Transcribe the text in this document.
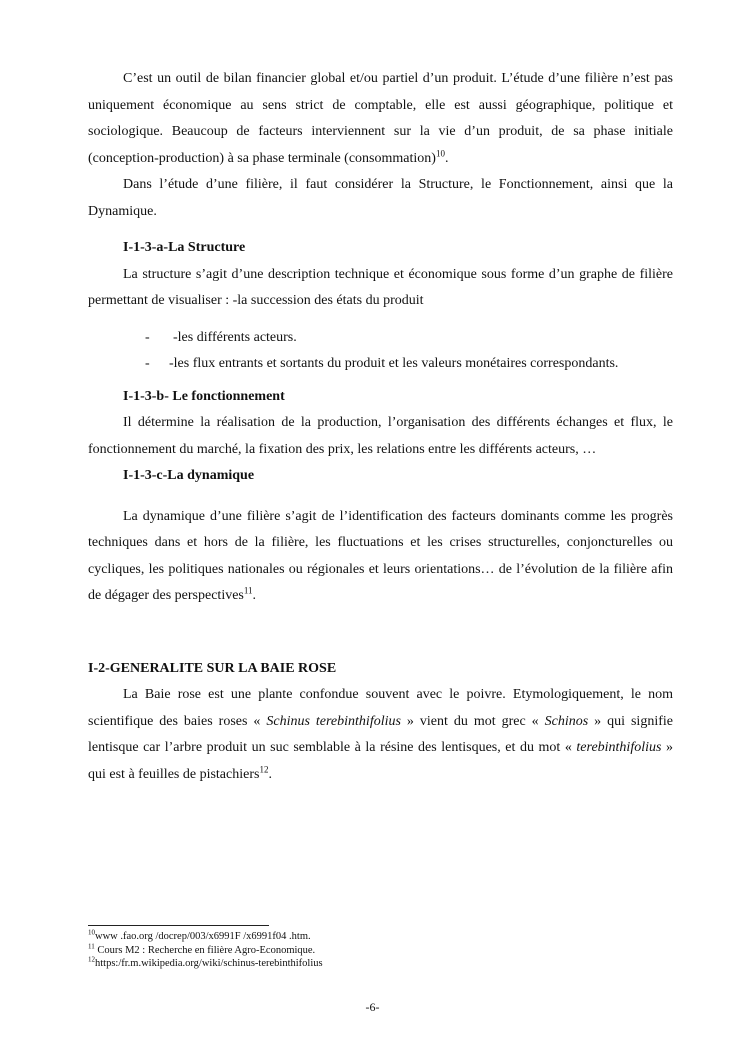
C’est un outil de bilan financier global et/ou partiel d’un produit. L’étude d’une filière n’est pas uniquement économique au sens strict de comptable, elle est aussi géographique, politique et sociologique. Beaucoup de facteurs interviennent sur la vie d’un produit, de sa phase initiale (conception-production) à sa phase terminale (consommation)$^{10}$.

Dans l’étude d’une filière, il faut considérer la Structure, le Fonctionnement, ainsi que la Dynamique.

I-1-3-a-La Structure

La structure s’agit d’une description technique et économique sous forme d’un graphe de filière permettant de visualiser : -la succession des états du produit

- -les différents acteurs.
- -les flux entrants et sortants du produit et les valeurs monétaires correspondants.
I-1-3-b- Le fonctionnement

Il détermine la réalisation de la production, l’organisation des différents échanges et flux, le fonctionnement du marché, la fixation des prix, les relations entre les différents acteurs, …

I-1-3-c-La dynamique

La dynamique d’une filière s’agit de l’identification des facteurs dominants comme les progrès techniques dans et hors de la filière, les fluctuations et les crises structurelles, conjoncturelles ou cycliques, les politiques nationales ou régionales et leurs orientations… de l’évolution de la filière afin de dégager des perspectives$^{11}$.

I-2-GENERALITE SUR LA BAIE ROSE

La Baie rose est une plante confondue souvent avec le poivre. Etymologiquement, le nom scientifique des baies roses « Schinus terebinthifolius » vient du mot grec « Schinos » qui signifie lentisque car l’arbre produit un suc semblable à la résine des lentisques, et du mot « terebinthifolius » qui est à feuilles de pistachiers$^{12}$.

$^{10}$www .fao.org /docrep/003/x6991F /x6991f04 .htm.
$^{11}$ Cours M2 : Recherche en filière Agro-Economique.
$^{12}$https:/fr.m.wikipedia.org/wiki/schinus-terebinthifolius
-6-
